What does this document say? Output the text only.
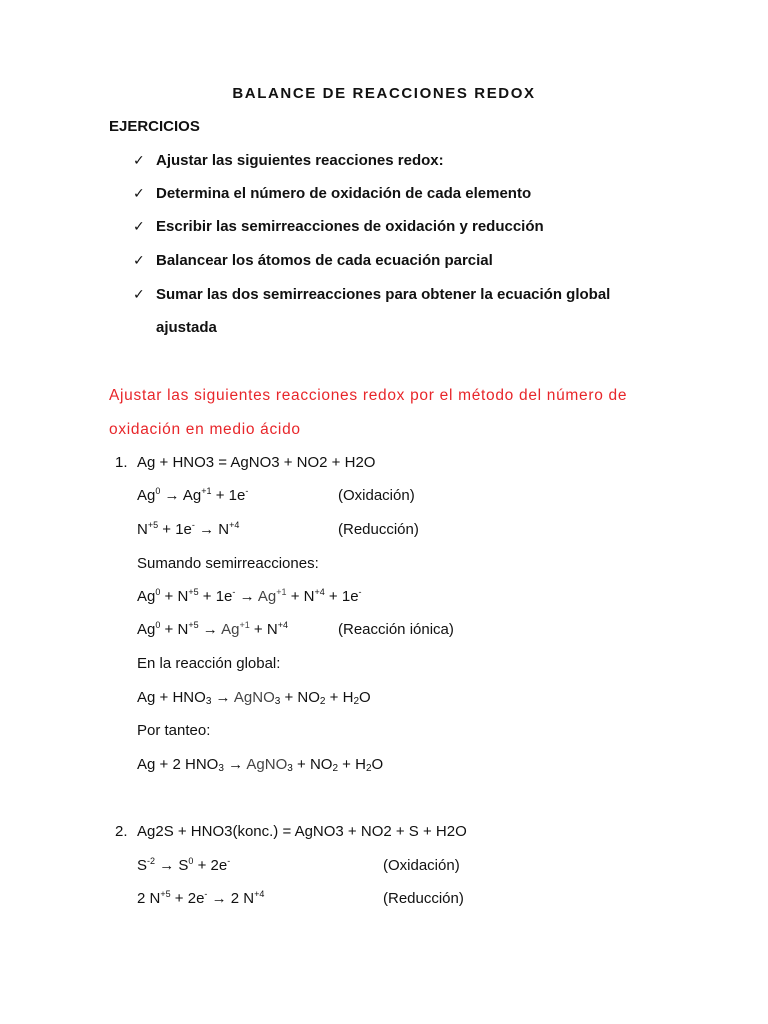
BALANCE DE REACCIONES REDOX
EJERCICIOS
✓ Ajustar las siguientes reacciones redox:
✓ Determina el número de oxidación de cada elemento
✓ Escribir las semirreacciones de oxidación y reducción
✓ Balancear los átomos de cada ecuación parcial
✓ Sumar las dos semirreacciones para obtener la ecuación global
ajustada
Ajustar las siguientes reacciones redox por el método del número de
oxidación en medio ácido
1. Ag + HNO3 = AgNO3 + NO2 + H2O
$Ag^0 \to Ag^{+1} + 1e^-$	(Oxidación)
$N^{+5} + 1e^- \to N^{+4}$	(Reducción)
Sumando semirreacciones:
$Ag^0 + N^{+5} + 1e^- \to Ag^{+1} + N^{+4} + 1e^-$
$Ag^0 + N^{+5} \to Ag^{+1} + N^{+4}$	(Reacción iónica)
En la reacción global:
$Ag + HNO_3$ → AgNO$_3$ + $NO_2 + H_2O$
Por tanteo:
Ag + 2 $HNO_3$ → AgNO$_3$ + $NO_2 + H_2O$
2. Ag2S + HNO3(konc.) = AgNO3 + NO2 + S + H2O
$S^{-2} \to S^0 + 2e^-$	(Oxidación)
2 $N^{+5} + 2e^- \to 2$ $N^{+4}$	(Reducción)
